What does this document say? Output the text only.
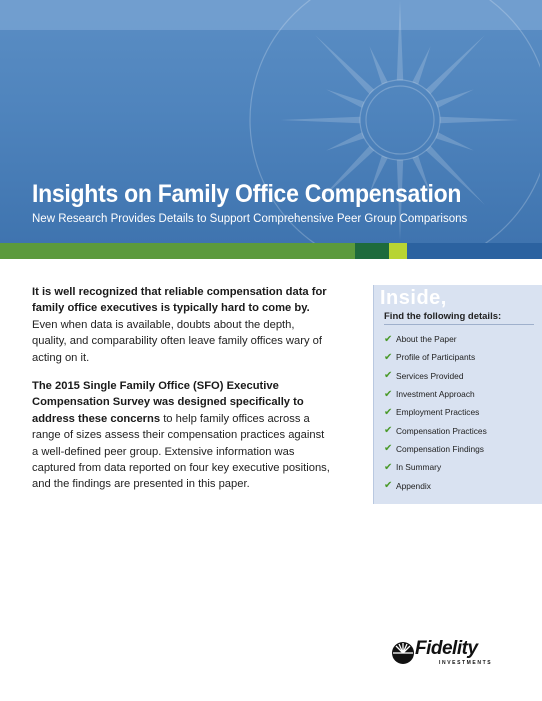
Insights on Family Office Compensation

New Research Provides Details to Support Comprehensive Peer Group Comparisons

It is well recognized that reliable compensation data for family office executives is typically hard to come by. Even when data is available, doubts about the depth, quality, and comparability often leave family offices wary of acting on it.

The 2015 Single Family Office (SFO) Executive Compensation Survey was designed specifically to address these concerns to help family offices across a range of sizes assess their compensation practices against a well-defined peer group. Extensive information was captured from data reported on four key executive positions, and the findings are presented in this paper.

Inside,

Find the following details:

✔ About the Paper
✔ Profile of Participants
✔ Services Provided
✔ Investment Approach
✔ Employment Practices
✔ Compensation Practices
✔ Compensation Findings
✔ In Summary
✔ Appendix
Fidelity
INVESTMENTS
